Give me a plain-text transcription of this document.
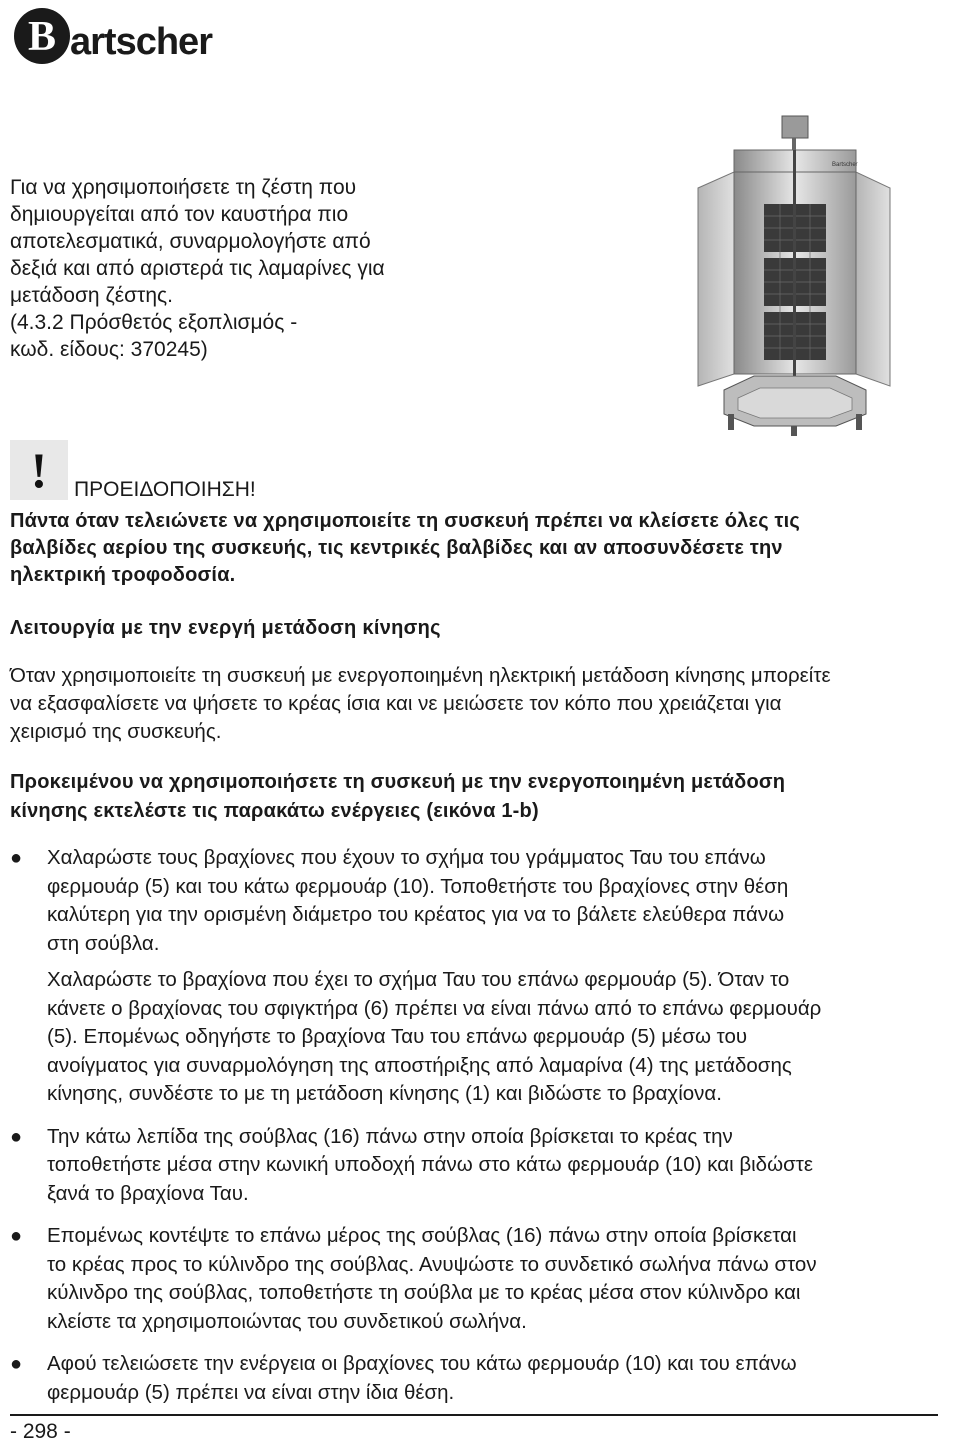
B artscher

Για να χρησιμοποιήσετε τη ζέστη που

δημιουργείται από τον καυστήρα πιο

αποτελεσματικά, συναρμολογήστε από

δεξιά και από αριστερά τις λαμαρίνες για

μετάδοση ζέστης.

(4.3.2 Πρόσθετός εξοπλισμός -

κωδ. είδους: 370245)

Bartscher
! ΠΡΟΕΙΔΟΠΟΙΗΣΗ!

Πάντα όταν τελειώνετε να χρησιμοποιείτε τη συσκευή πρέπει να κλείσετε όλες τις
βαλβίδες αερίου της συσκευής, τις κεντρικές βαλβίδες και αν αποσυνδέσετε την
ηλεκτρική τροφοδοσία.

Λειτουργία με την ενεργή μετάδοση κίνησης

Όταν χρησιμοποιείτε τη συσκευή με ενεργοποιημένη ηλεκτρική μετάδοση κίνησης μπορείτε
να εξασφαλίσετε να ψήσετε το κρέας ίσια και νε μειώσετε τον κόπο που χρειάζεται για
χειρισμό της συσκευής.
Προκειμένου να χρησιμοποιήσετε τη συσκευή με την ενεργοποιημένη μετάδοση
κίνησης εκτελέστε τις παρακάτω ενέργειες (εικόνα 1-b)
● Χαλαρώστε τους βραχίονες που έχουν το σχήμα του γράμματος Ταυ του επάνω
φερμουάρ (5) και του κάτω φερμουάρ (10). Τοποθετήστε του βραχίονες στην θέση
καλύτερη για την ορισμένη διάμετρο του κρέατος για να το βάλετε ελεύθερα πάνω
στη σούβλα.

Χαλαρώστε το βραχίονα που έχει το σχήμα Ταυ του επάνω φερμουάρ (5). Όταν το
κάνετε ο βραχίονας του σφιγκτήρα (6) πρέπει να είναι πάνω από το επάνω φερμουάρ
(5). Επομένως οδηγήστε το βραχίονα Ταυ του επάνω φερμουάρ (5) μέσω του
ανοίγματος για συναρμολόγηση της αποστήριξης από λαμαρίνα (4) της μετάδοσης
κίνησης, συνδέστε το με τη μετάδοση κίνησης (1) και βιδώστε το βραχίονα.

● Την κάτω λεπίδα της σούβλας (16) πάνω στην οποία βρίσκεται το κρέας την
τοποθετήστε μέσα στην κωνική υποδοχή πάνω στο κάτω φερμουάρ (10) και βιδώστε
ξανά το βραχίονα Ταυ.

● Επομένως κοντέψτε το επάνω μέρος της σούβλας (16) πάνω στην οποία βρίσκεται
το κρέας προς το κύλινδρο της σούβλας. Ανυψώστε το συνδετικό σωλήνα πάνω στον
κύλινδρο της σούβλας, τοποθετήστε τη σούβλα με το κρέας μέσα στον κύλινδρο και
κλείστε τα χρησιμοποιώντας του συνδετικού σωλήνα.

● Αφού τελειώσετε την ενέργεια οι βραχίονες του κάτω φερμουάρ (10) και του επάνω
φερμουάρ (5) πρέπει να είναι στην ίδια θέση.

- 298 -
